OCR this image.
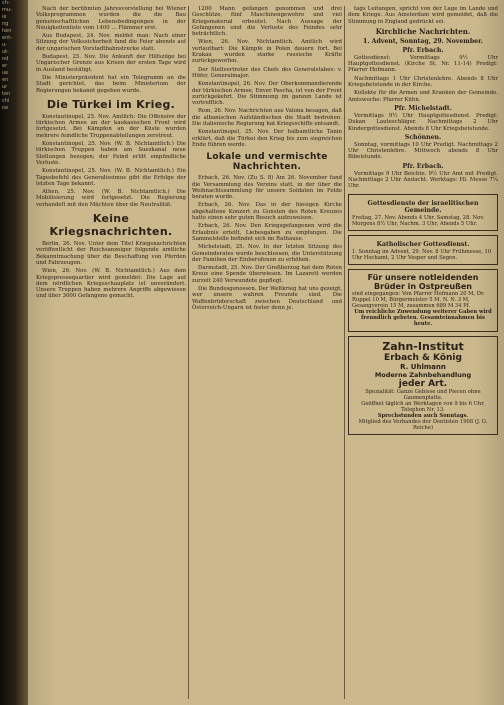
ch-
mu-
ie
ng
hen
ent-
u-
ut-
nd
er
ue
en
ur
ten
chi
ne

Nach der berühmten Jahresvorstellung bei Wiener Volksprogrammen wurden die die Bau gemeinschaftlichen Lebensbedingungen in der Neuigkeitenliste vom 1400 ... Flämmer erst.

Aus Budapest, 24. Nov. meldet man: Nach einer Sitzung der Volkssicherheit fand die Feier abends auf der ungarischen Vorstadtbahnstrecke statt.

Budapest, 25. Nov. Die Ankunft der Hilfszüge bei Ungarischer Grenze aus Krisen der ersten Tage wird in Ausland bestätigt.

Die Ministerpräsident hat ein Telegramm an die Stadt gerichtet, das beim Ministerium der Regierungen bekannt gegeben wurde.

Die Türkei im Krieg.

Konstantinopel, 25. Nov. Amtlich: Die Offensive der türkischen Armee an der kaukasischen Front wird fortgesetzt. Bei Kämpfen an der Küste wurden mehrere feindliche Truppenabteilungen zerstreut.

Konstantinopel, 25. Nov. (W. B. Nichtamtlich.) Die türkischen Truppen haben am Suezkanal neue Stellungen bezogen; der Feind erlitt empfindliche Verluste.

Konstantinopel, 25. Nov. (W. B. Nichtamtlich.) Ein Tagesbefehl des Generalissimus gibt die Erfolge der letzten Tage bekannt.

Athen, 25. Nov. (W. B. Nichtamtlich.) Die Mobilisierung wird fortgesetzt. Die Regierung verhandelt mit den Mächten über die Neutralität.

Keine Kriegsnachrichten.

Berlin, 26. Nov. Unter dem Titel Kriegsnachrichten veröffentlicht der Reichsanzeiger folgende amtliche Bekanntmachung über die Beschaffung von Pferden und Fahrzeugen.

Wien, 26. Nov. (W. B. Nichtamtlich.) Aus dem Kriegspressequartier wird gemeldet: Die Lage auf dem nördlichen Kriegsschauplatz ist unverändert. Unsere Truppen haben mehrere Angriffe abgewiesen und über 3000 Gefangene gemacht.

1200 Mann gefangen genommen und drei Geschütze, fünf Maschinengewehre und viel Kriegsmaterial erbeutet. Nach Aussage der Gefangenen sind die Verluste des Feindes sehr beträchtlich.

Wien, 26. Nov. Nichtamtlich. Amtlich wird verlautbart: Die Kämpfe in Polen dauern fort. Bei Krakau wurden starke russische Kräfte zurückgeworfen.

Der Stellvertreter des Chefs des Generalstabes: v. Höfer, Generalmajor.

Konstantinopel, 26. Nov. Der Oberkommandierende der türkischen Armee, Enver Pascha, ist von der Front zurückgekehrt. Die Stimmung im ganzen Lande ist vortrefflich.

Rom, 26. Nov. Nachrichten aus Valona besagen, daß die albanischen Aufständischen die Stadt bedrohen. Die italienische Regierung hat Kriegsschiffe entsandt.

Konstantinopel, 25. Nov. Der halbamtliche Tanin erklärt, daß die Türkei den Krieg bis zum siegreichen Ende führen werde.

Lokale und vermischte Nachrichten.

Erbach, 26. Nov. (Zu S. 8) Am 26. November fand die Versammlung des Vereins statt, in der über die Weihnachtssammlung für unsere Soldaten im Felde beraten wurde.

Erbach, 26. Nov. Das in der hiesigen Kirche abgehaltene Konzert zu Gunsten des Roten Kreuzes hatte einen sehr guten Besuch aufzuweisen.

Erbach, 26. Nov. Den Kriegsgefangenen wird die Erlaubnis erteilt, Liebesgaben zu empfangen. Die Sammelstelle befindet sich im Rathause.

Michelstadt, 25. Nov. In der letzten Sitzung des Gemeinderates wurde beschlossen, die Unterstützung der Familien der Einberufenen zu erhöhen.

Darmstadt, 25. Nov. Der Großherzog hat dem Roten Kreuz eine Spende überwiesen. Im Lazarett werden zurzeit 240 Verwundete gepflegt.

Die Bundesgenossen. Der Weltkrieg hat uns gezeigt, wer unsere wahren Freunde sind. Die Waffenbrüderschaft zwischen Deutschland und Österreich-Ungarn ist fester denn je.

tags Leitungen, spricht von der Lage im Lande und dem Kriege. Aus Amsterdam wird gemeldet, daß die Stimmung in England gedrückt sei.

Kirchliche Nachrichten.
1. Advent, Sonntag, 29. November.
Pfr. Erbach.

Gottesdienst: Vormittags 9½ Uhr Hauptgottesdienst. (Kirche St. Nr. 11-14) Predigt: Pfarrer Hofmann.

Nachmittags 1 Uhr Christenlehre. Abends 8 Uhr Kriegsbetstunde in der Kirche.

Kollekte für die Armen und Kranken der Gemeinde. Amtswoche: Pfarrer Kühn.

Pfr. Michelstadt.

Vormittags 9½ Uhr Hauptgottesdienst. Predigt: Dekan Lauteschläger. Nachmittags 2 Uhr Kindergottesdienst. Abends 8 Uhr Kriegsbetstunde.

Schönnen.

Sonntag, vormittags 10 Uhr Predigt. Nachmittags 2 Uhr Christenlehre. Mittwoch abends 8 Uhr Bibelstunde.

Pfr. Erbach.

Vormittags 9 Uhr Beichte. 9½ Uhr Amt mit Predigt. Nachmittags 2 Uhr Andacht. Werktags: Hl. Messe 7¼ Uhr.

Gottesdienste der israelitischen Gemeinde.

Freitag, 27. Nov. Abends 4 Uhr. Samstag, 28. Nov. Morgens 8½ Uhr, Nachm. 3 Uhr, Abends 5 Uhr.

Katholischer Gottesdienst.

1. Sonntag im Advent, 29. Nov. 8 Uhr Frühmesse, 10 Uhr Hochamt, 2 Uhr Vesper und Segen.

Für unsere notleidenden Brüder in Ostpreußen

sind eingegangen: Von Pfarrer Hofmann 20 M, Dr. Ruppel 10 M, Bürgermeister 5 M, N. N. 3 M, Gesangverein 15 M, zusammen 689 M 34 Pf.

Um reichliche Zuwendung weiterer Gaben wird freundlich gebeten. Gesamteinnahmen bis heute.

Zahn-Institut
Erbach & König
R. Uhlmann
Moderne Zahnbehandlung
jeder Art.

Spezialität: Ganze Gebisse und Piecen ohne Gaumenplatte.

Geöffnet täglich an Werktagen von 9 bis 6 Uhr. Telephon Nr. 13.

Sprechstunden auch Sonntags.

Mitglied des Verbandes der Dentisten 1908 (J. G. Reiche)
